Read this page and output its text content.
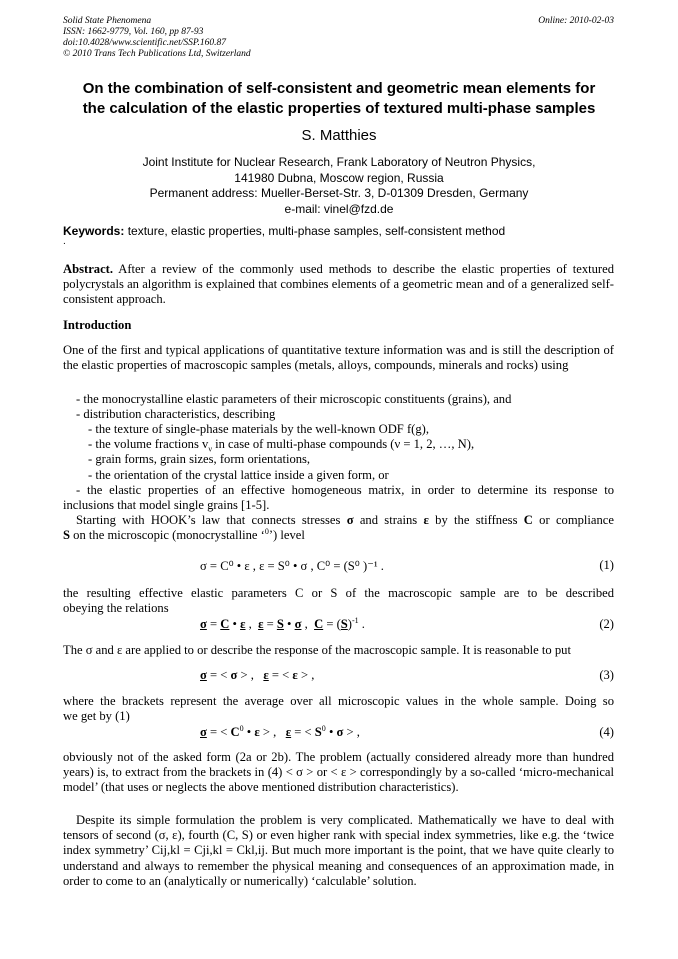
Solid State Phenomena
ISSN: 1662-9779, Vol. 160, pp 87-93
doi:10.4028/www.scientific.net/SSP.160.87
© 2010 Trans Tech Publications Ltd, Switzerland
Online: 2010-02-03
On the combination of self-consistent and geometric mean elements for
the calculation of the elastic properties of textured multi-phase samples
S. Matthies
Joint Institute for Nuclear Research, Frank Laboratory of Neutron Physics,
141980 Dubna, Moscow region, Russia
Permanent address: Mueller-Berset-Str. 3, D-01309 Dresden, Germany
e-mail: vinel@fzd.de
Keywords: texture, elastic properties, multi-phase samples, self-consistent method
.

Abstract. After a review of the commonly used methods to describe the elastic properties of textured polycrystals an algorithm is explained that combines elements of a geometric mean and of a generalized self-consistent approach.

Introduction

One of the first and typical applications of quantitative texture information was and is still the description of the elastic properties of macroscopic samples (metals, alloys, compounds, minerals and rocks) using

- the monocrystalline elastic parameters of their microscopic constituents (grains), and
- distribution characteristics, describing
- the texture of single-phase materials by the well-known ODF f(g),
- the volume fractions $v_\nu$ in case of multi-phase compounds (ν = 1, 2, …, N),
- grain forms, grain sizes, form orientations,
- the orientation of the crystal lattice inside a given form, or
- the elastic properties of an effective homogeneous matrix, in order to determine its response to
inclusions that model single grains [1-5].
Starting with HOOK’s law that connects stresses σ and strains ε by the stiffness C or compliance
S on the microscopic (monocrystalline ‘$^0$’) level
σ = C⁰ • ε , ε = S⁰ • σ , C⁰ = (S⁰ )⁻¹ .	(1)
the resulting effective elastic parameters C or S of the macroscopic sample are to be described
obeying the relations
σ = C • ε ,  ε = S • σ ,  $C = (S)^{-1}$ .	(2)
The σ and ε are applied to or describe the response of the macroscopic sample. It is reasonable to put
σ = < σ > ,   ε = < ε > ,	(3)
where the brackets represent the average over all microscopic values in the whole sample. Doing so
we get by (1)
σ = < $C^0$ • ε > ,   ε = < $S^0$ • σ > ,	(4)

obviously not of the asked form (2a or 2b). The problem (actually considered already more than hundred years) is, to extract from the brackets in (4) < σ > or < ε > correspondingly by a so-called ‘micro-mechanical model’ (that uses or neglects the above mentioned distribution characteristics).

Despite its simple formulation the problem is very complicated. Mathematically we have to deal with tensors of second (σ, ε), fourth (C, S) or even higher rank with special index symmetries, like e.g. the ‘twice index symmetry’ Cij,kl = Cji,kl = Ckl,ij. But much more important is the point, that we have quite clearly to understand and always to remember the physical meaning and consequences of an approximation made, in order to come to an (analytically or numerically) ‘calculable’ solution.
